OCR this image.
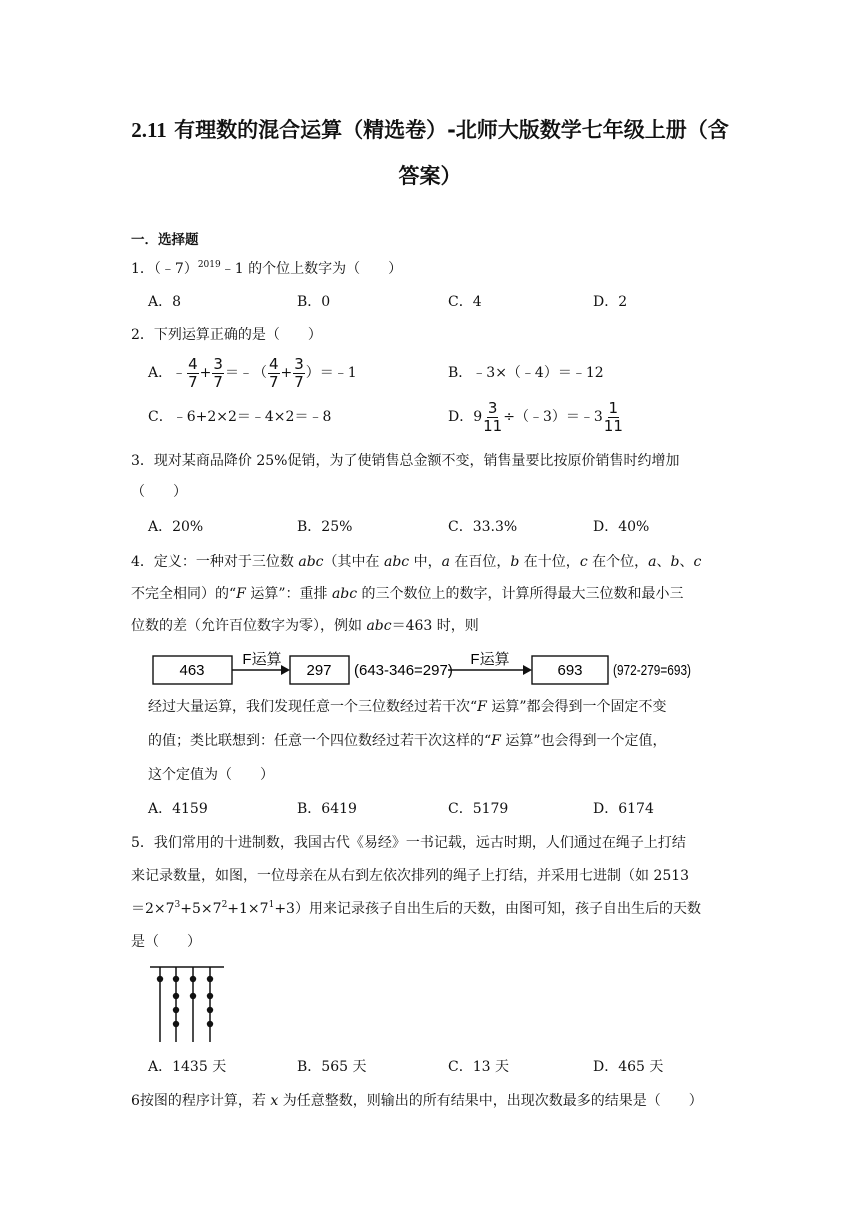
2.11 有理数的混合运算（精选卷）-北师大版数学七年级上册（含
答案）
一．选择题
1．（﹣7）$^{2019}$﹣1 的个位上数字为（　　）
A．8	B．0	C．4	D．2
2．下列运算正确的是（　　）
A．﹣ $\frac{4}{7} + \frac{3}{7}$ ＝﹣（ $\frac{4}{7} + \frac{3}{7}$ ）＝﹣1	B．﹣3×（﹣4）＝﹣12
C．﹣6+2×2＝﹣4×2＝﹣8	D．$9 \frac{3}{11}$ ÷（﹣3）＝﹣3 $\frac{1}{11}$
3．现对某商品降价 25%促销，为了使销售总金额不变，销售量要比按原价销售时约增加
（　　）
A．20%	B．25%	C．33.3%	D．40%
4．定义：一种对于三位数 abc（其中在 abc 中，a 在百位，b 在十位，c 在个位，a、b、c
不完全相同）的“F 运算”：重排 abc 的三个数位上的数字，计算所得最大三位数和最小三
位数的差（允许百位数字为零），例如 abc＝463 时，则
463
F运算
297 (643-346=297)
F运算
693 (972-279=693)
经过大量运算，我们发现任意一个三位数经过若干次“F 运算”都会得到一个固定不变
的值；类比联想到：任意一个四位数经过若干次这样的“F 运算”也会得到一个定值，
这个定值为（　　）
A．4159	B．6419	C．5179	D．6174
5．我们常用的十进制数，我国古代《易经》一书记载，远古时期，人们通过在绳子上打结
来记录数量，如图，一位母亲在从右到左依次排列的绳子上打结，并采用七进制（如 2513
$=2\times 7^3+5\times 7^2+1\times 7^1+3$）用来记录孩子自出生后的天数，由图可知，孩子自出生后的天数
是（　　）
A．1435 天	B．565 天	C．13 天	D．465 天
6按图的程序计算，若 x 为任意整数，则输出的所有结果中，出现次数最多的结果是（　　）
